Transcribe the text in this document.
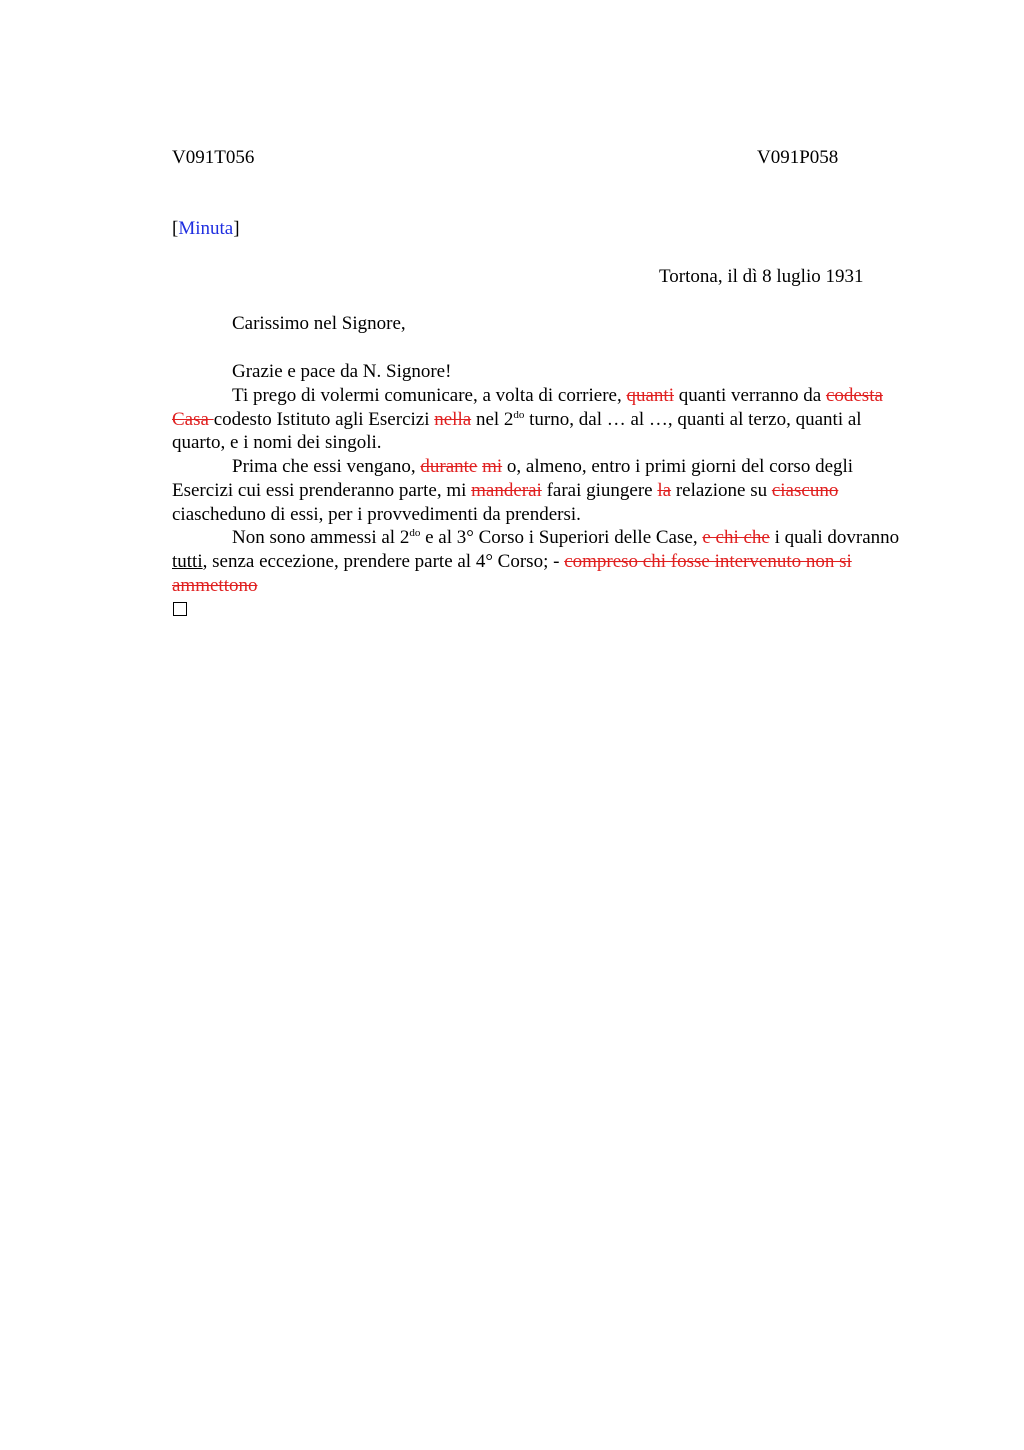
V091T056	V091P058
[Minuta]
Tortona, il dì 8 luglio 1931
Carissimo nel Signore,
Grazie e pace da N. Signore!

Ti prego di volermi comunicare, a volta di corriere, quanti quanti verranno da codesta Casa codesto Istituto agli Esercizi nella nel $2^{do}$ turno, dal … al …, quanti al terzo, quanti al quarto, e i nomi dei singoli.

Prima che essi vengano, durante mi o, almeno, entro i primi giorni del corso degli Esercizi cui essi prenderanno parte, mi manderai farai giungere la relazione su ciascuno ciascheduno di essi, per i provvedimenti da prendersi.

Non sono ammessi al $2^{do}$ e al 3° Corso i Superiori delle Case, e chi che i quali dovranno tutti, senza eccezione, prendere parte al 4° Corso; - compreso chi fosse intervenuto non si ammettono
